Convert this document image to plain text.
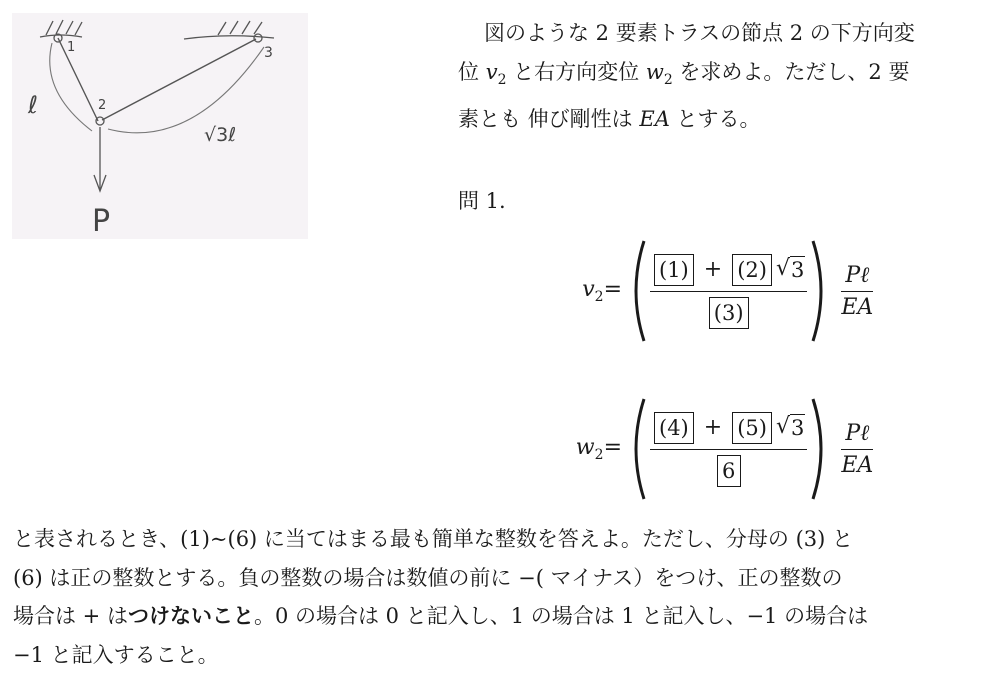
1
2
3
ℓ
√3ℓ
P

図のような 2 要素トラスの節点 2 の下方向変

位 $v_2$ と右方向変位 $w_2$ を求めよ。ただし、2 要

素とも 伸び剛性は EA とする。

問 1.
$v_2= \frac{(1) + (2) √ 3}{(3)}$ Pℓ
EA
$w_2= \frac{(4) + (5) √ 3}{6}$ Pℓ
EA

と表されるとき、(1)∼(6) に当てはまる最も簡単な整数を答えよ。ただし、分母の (3) と

(6) は正の整数とする。負の整数の場合は数値の前に −( マイナス）をつけ、正の整数の

場合は + はつけないこと。0 の場合は 0 と記入し、1 の場合は 1 と記入し、−1 の場合は

−1 と記入すること。
